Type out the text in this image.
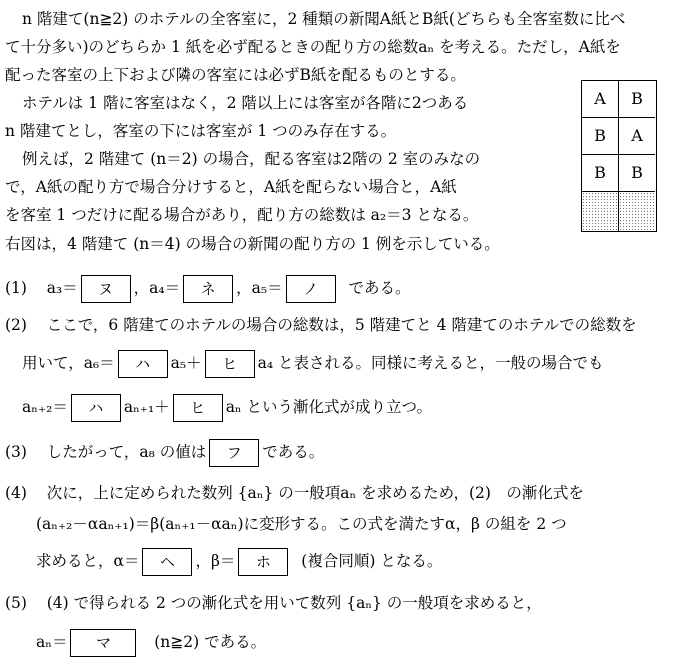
n 階建て(n≧2) のホテルの全客室に，2 種類の新聞A紙とB紙(どちらも全客室数に比べ
て十分多い)のどちらか 1 紙を必ず配るときの配り方の総数aₙ を考える。ただし，A紙を
配った客室の上下および隣の客室には必ずB紙を配るものとする。
ホテルは 1 階に客室はなく，2 階以上には客室が各階に2つある
n 階建てとし，客室の下には客室が 1 つのみ存在する。
例えば，2 階建て (n＝2) の場合，配る客室は2階の 2 室のみなの
で，A紙の配り方で場合分けすると，A紙を配らない場合と，A紙
を客室 1 つだけに配る場合があり，配り方の総数は a₂＝3 となる。
右図は，4 階建て (n＝4) の場合の新聞の配り方の 1 例を示している。
A	B
B	A
B	B
(1) a₃＝ ヌ ，a₄＝ ネ ，a₅＝ ノ である。
(2) ここで，6 階建てのホテルの場合の総数は，5 階建てと 4 階建てのホテルでの総数を
用いて，a₆＝ ハ a₅＋ ヒ a₄ と表される。同様に考えると，一般の場合でも
aₙ₊₂＝ ハ aₙ₊₁＋ ヒ aₙ という漸化式が成り立つ。
(3) したがって，a₈ の値は フ である。
(4) 次に，上に定められた数列 {aₙ} の一般項aₙ を求めるため，(2)　の漸化式を
(aₙ₊₂－αaₙ₊₁)＝β(aₙ₊₁－αaₙ)に変形する。この式を満たすα，β の組を 2 つ
求めると，α＝ ヘ ，β＝ ホ (複合同順) となる。
(5) (4) で得られる 2 つの漸化式を用いて数列 {aₙ} の一般項を求めると，
aₙ＝ マ	(n≧2) である。
